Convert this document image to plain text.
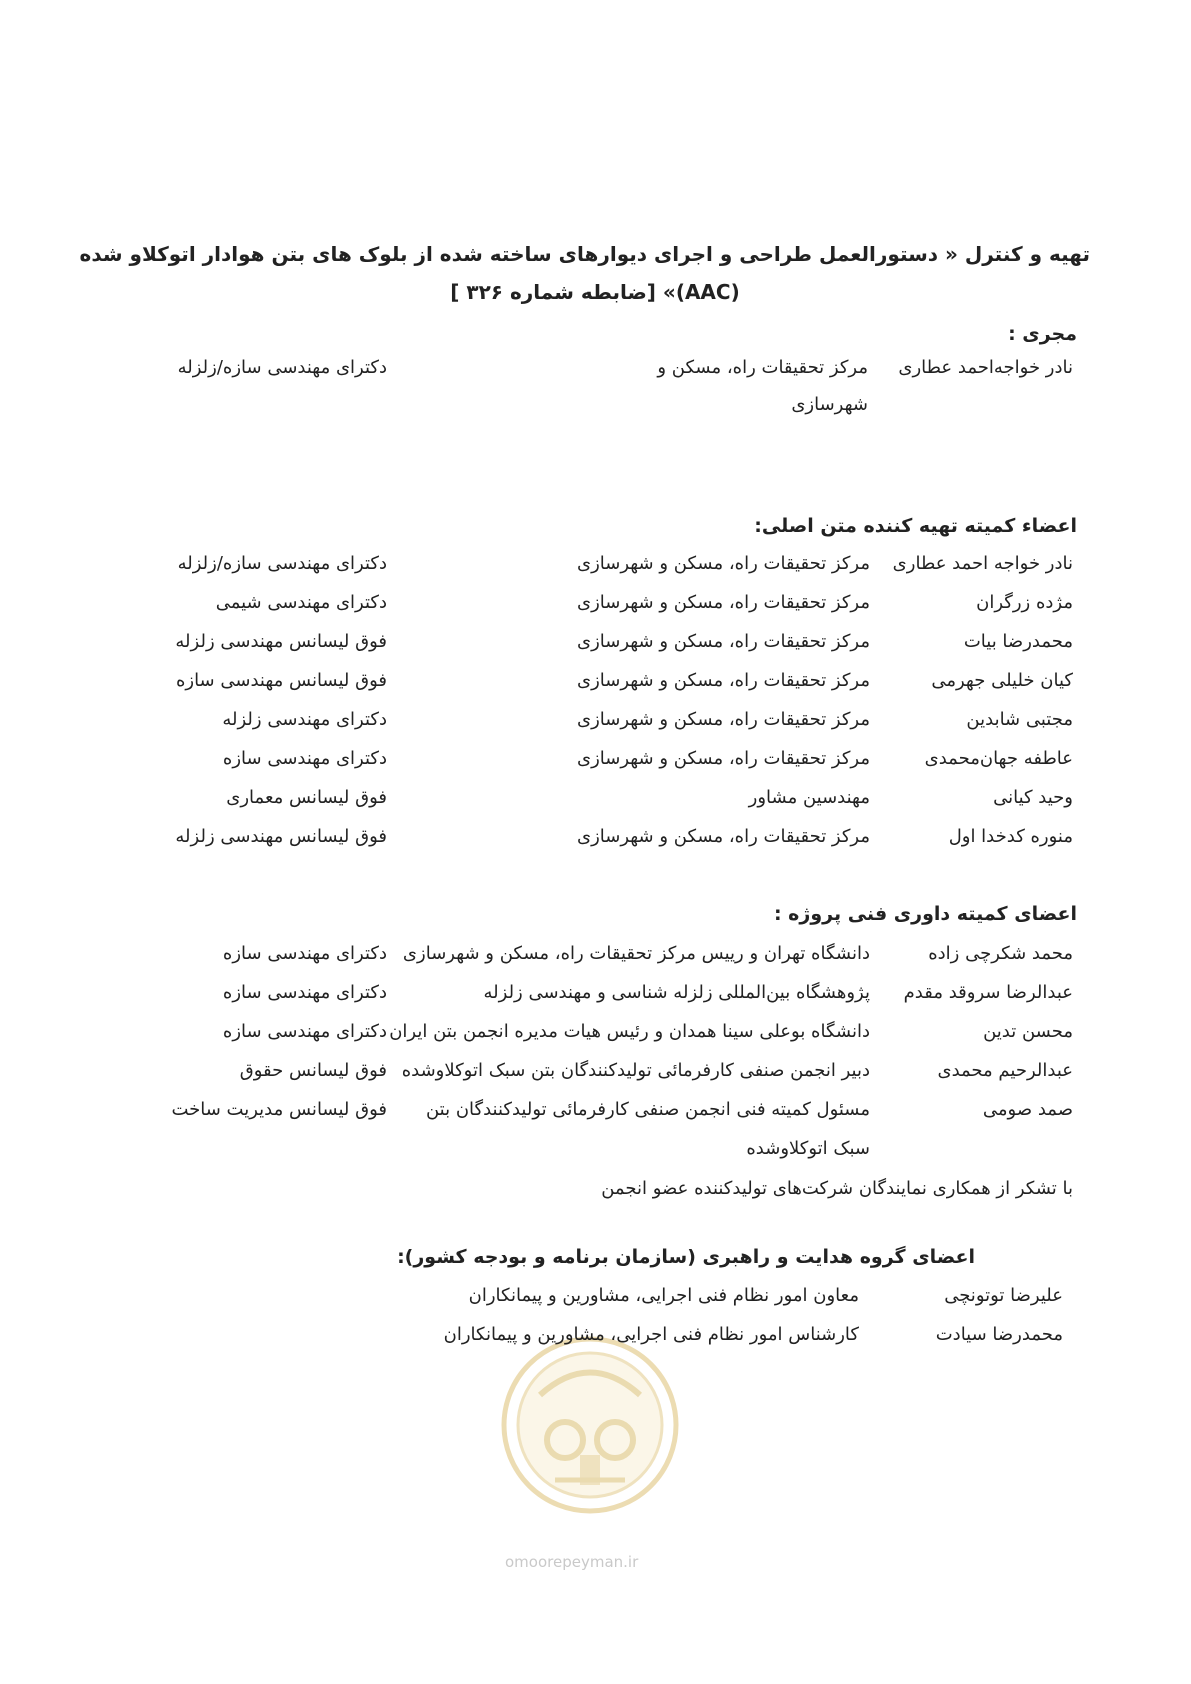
تهیه و کنترل « دستورالعمل طراحی و اجرای دیوارهای ساخته شده از بلوک های بتن هوادار اتوکلاو شده
(AAC)» [ضابطه شماره ۳۲۶ ]
مجری :
نادر خواجه‌احمد عطاری
مرکز تحقیقات راه، مسکن و
شهرسازی
دکترای مهندسی سازه/زلزله
اعضاء کمیته تهیه کننده متن اصلی:
نادر خواجه احمد عطاری
مرکز تحقیقات راه، مسکن و شهرسازی
دکترای مهندسی سازه/زلزله
مژده زرگران
مرکز تحقیقات راه، مسکن و شهرسازی
دکترای مهندسی شیمی
محمدرضا بیات
مرکز تحقیقات راه، مسکن و شهرسازی
فوق لیسانس مهندسی زلزله
کیان خلیلی جهرمی
مرکز تحقیقات راه، مسکن و شهرسازی
فوق لیسانس مهندسی سازه
مجتبی شابدین
مرکز تحقیقات راه، مسکن و شهرسازی
دکترای مهندسی زلزله
عاطفه جهان‌محمدی
مرکز تحقیقات راه، مسکن و شهرسازی
دکترای مهندسی سازه
وحید کیانی
مهندسین مشاور
فوق لیسانس معماری
منوره کدخدا اول
مرکز تحقیقات راه، مسکن و شهرسازی
فوق لیسانس مهندسی زلزله
اعضای کمیته داوری فنی پروژه :
محمد شکرچی زاده
دانشگاه تهران و رییس مرکز تحقیقات راه، مسکن و شهرسازی
دکترای مهندسی سازه
عبدالرضا سروقد مقدم
پژوهشگاه بین‌المللی زلزله شناسی و مهندسی زلزله
دکترای مهندسی سازه
محسن تدین
دانشگاه بوعلی سینا همدان و رئیس هیات مدیره انجمن بتن ایران
دکترای مهندسی سازه
عبدالرحیم محمدی
دبیر انجمن صنفی کارفرمائی تولیدکنندگان بتن سبک اتوکلاوشده
فوق لیسانس حقوق
صمد صومی
مسئول کمیته فنی انجمن صنفی کارفرمائی تولیدکنندگان بتن
سبک اتوکلاوشده
فوق لیسانس مدیریت ساخت
با تشکر از همکاری نمایندگان شرکت‌های تولیدکننده عضو انجمن
omoorepeyman.ir
اعضای گروه هدایت و راهبری (سازمان برنامه و بودجه کشور):
علیرضا توتونچی
معاون امور نظام فنی اجرایی، مشاورین و پیمانکاران
محمدرضا سیادت
کارشناس امور نظام فنی اجرایی، مشاورین و پیمانکاران
